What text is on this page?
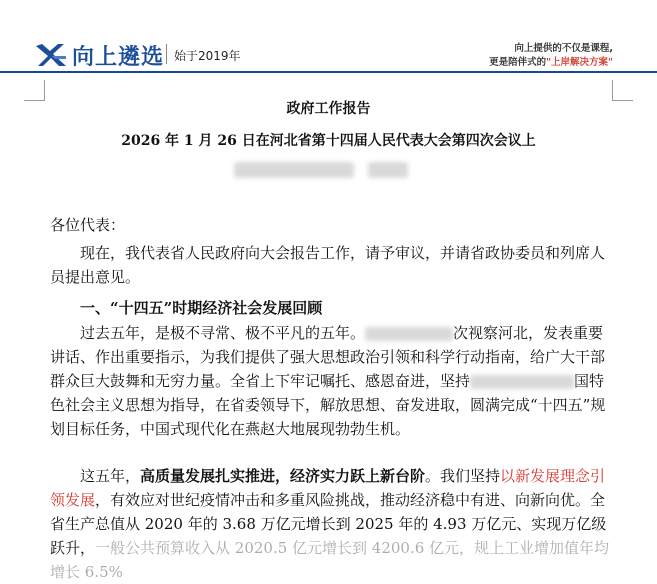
向上遴选 始于2019年
向上提供的不仅是课程,
更是陪伴式的"上岸解决方案"
政府工作报告
2026 年 1 月 26 日在河北省第十四届人民代表大会第四次会议上
各位代表：
现在，我代表省人民政府向大会报告工作，请予审议，并请省政协委员和列席人员提出意见。
一、“十四五”时期经济社会发展回顾
过去五年，是极不寻常、极不平凡的五年。	次视察河北，发表重要讲话、作出重要指示，为我们提供了强大思想政治引领和科学行动指南，给广大干部群众巨大鼓舞和无穷力量。全省上下牢记嘱托、感恩奋进，坚持	国特色社会主义思想为指导，在省委领导下，解放思想、奋发进取，圆满完成“十四五”规划目标任务，中国式现代化在燕赵大地展现勃勃生机。
这五年，高质量发展扎实推进，经济实力跃上新台阶。我们坚持以新发展理念引领发展，有效应对世纪疫情冲击和多重风险挑战，推动经济稳中有进、向新向优。全省生产总值从 2020 年的 3.68 万亿元增长到 2025 年的 4.93 万亿元、实现万亿级跃升，一般公共预算收入从 2020.5 亿元增长到 4200.6 亿元，规上工业增加值年均增长 6.5%
